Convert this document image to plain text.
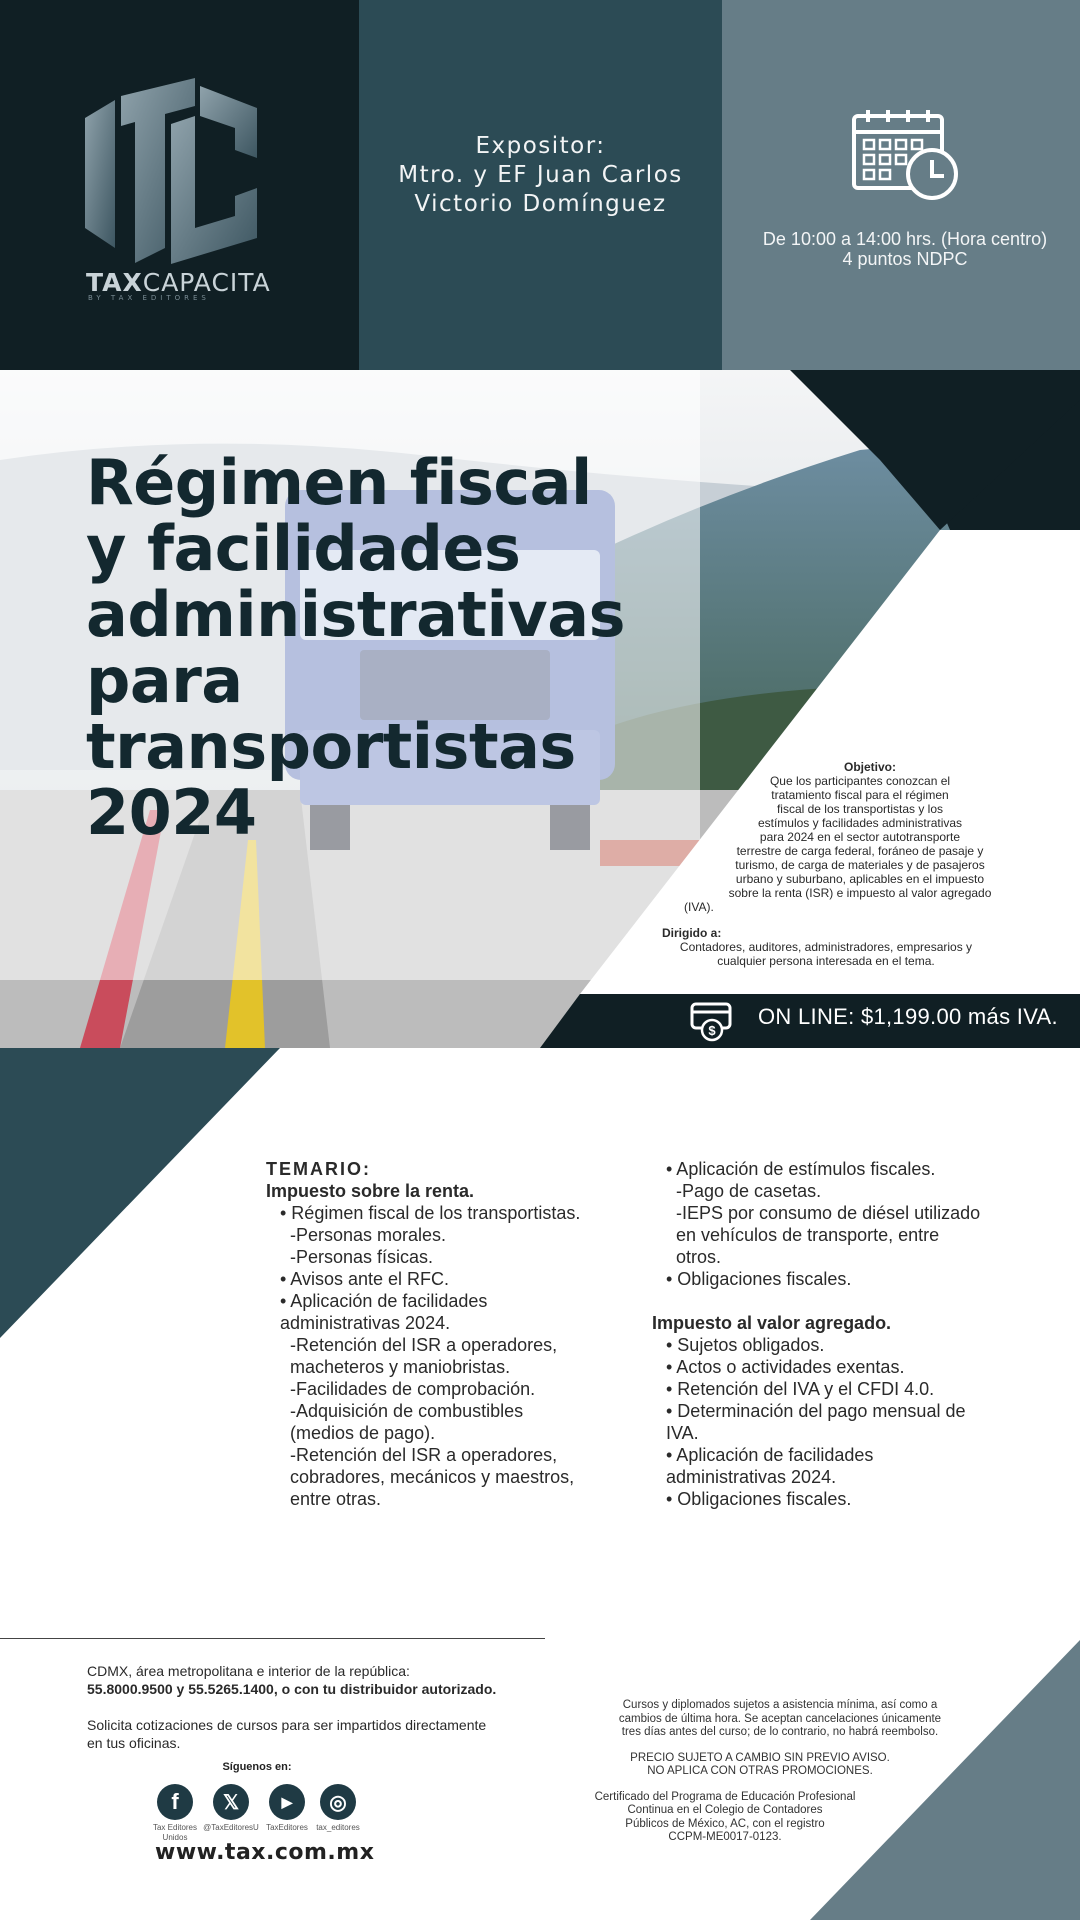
TAXCAPACITA
BY TAX EDITORES
Expositor:
Mtro. y EF Juan Carlos
Victorio Domínguez
De 10:00 a 14:00 hrs. (Hora centro)
4 puntos NDPC
Régimen fiscal
y facilidades
administrativas
para
transportistas
2024
Objetivo:
Que los participantes conozcan el
tratamiento fiscal para el régimen
fiscal de los transportistas y los
estímulos y facilidades administrativas
para 2024 en el sector autotransporte
terrestre de carga federal, foráneo de pasaje y
turismo, de carga de materiales y de pasajeros
urbano y suburbano, aplicables en el impuesto
sobre la renta (ISR) e impuesto al valor agregado
(IVA).
Dirigido a:
Contadores, auditores, administradores, empresarios y
cualquier persona interesada en el tema.
$
ON LINE: $1,199.00 más IVA.
TEMARIO:
Impuesto sobre la renta.
• Régimen fiscal de los transportistas.
-Personas morales.
-Personas físicas.
• Avisos ante el RFC.
• Aplicación de facilidades
administrativas 2024.
-Retención del ISR a operadores,
macheteros y maniobristas.
-Facilidades de comprobación.
-Adquisición de combustibles
(medios de pago).
-Retención del ISR a operadores,
cobradores, mecánicos y maestros,
entre otras.
• Aplicación de estímulos fiscales.
-Pago de casetas.
-IEPS por consumo de diésel utilizado
en vehículos de transporte, entre
otros.
• Obligaciones fiscales.
Impuesto al valor agregado.
• Sujetos obligados.
• Actos o actividades exentas.
• Retención del IVA y el CFDI 4.0.
• Determinación del pago mensual de
IVA.
• Aplicación de facilidades
administrativas 2024.
• Obligaciones fiscales.
CDMX, área metropolitana e interior de la república:
55.8000.9500 y 55.5265.1400, o con tu distribuidor autorizado.
Solicita cotizaciones de cursos para ser impartidos directamente
en tus oficinas.
Síguenos en:
f 𝕏	▶ ◎
Tax Editores Unidos
@TaxEditoresU TaxEditores	tax_editores
www.tax.com.mx
Cursos y diplomados sujetos a asistencia mínima, así como a
cambios de última hora. Se aceptan cancelaciones únicamente
tres días antes del curso; de lo contrario, no habrá reembolso.
PRECIO SUJETO A CAMBIO SIN PREVIO AVISO.
NO APLICA CON OTRAS PROMOCIONES.
Certificado del Programa de Educación Profesional
Continua en el Colegio de Contadores
Públicos de México, AC, con el registro
CCPM-ME0017-0123.
